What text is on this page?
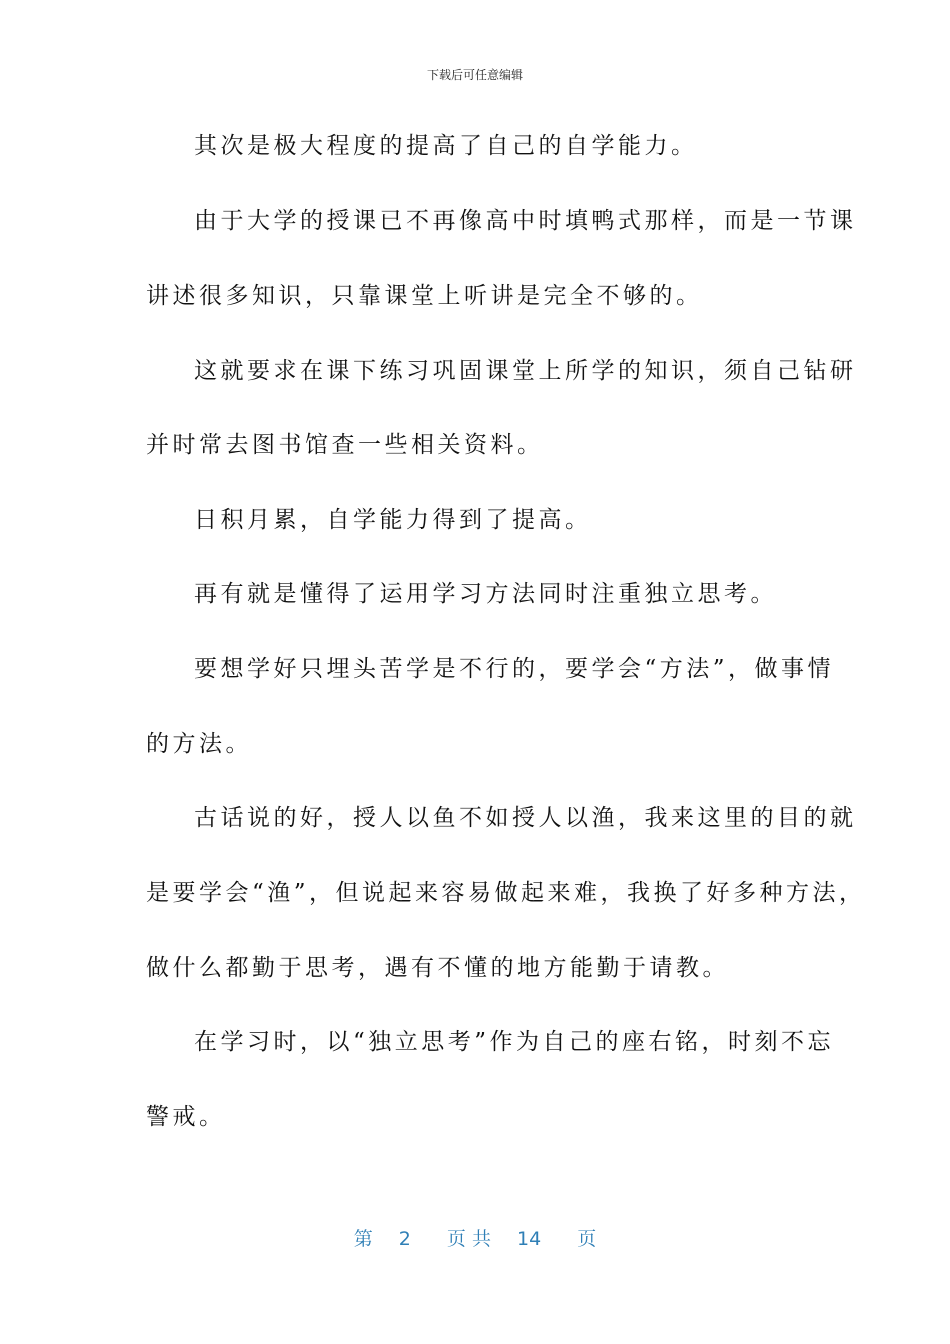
下载后可任意编辑
其次是极大程度的提高了自己的自学能力。
由于大学的授课已不再像高中时填鸭式那样，而是一节课
讲述很多知识，只靠课堂上听讲是完全不够的。
这就要求在课下练习巩固课堂上所学的知识，须自己钻研
并时常去图书馆查一些相关资料。
日积月累，自学能力得到了提高。
再有就是懂得了运用学习方法同时注重独立思考。
要想学好只埋头苦学是不行的，要学会“方法”，做事情
的方法。
古话说的好，授人以鱼不如授人以渔，我来这里的目的就
是要学会“渔”，但说起来容易做起来难，我换了好多种方法，
做什么都勤于思考，遇有不懂的地方能勤于请教。
在学习时，以“独立思考”作为自己的座右铭，时刻不忘
警戒。
第 2 页 共 14 页
